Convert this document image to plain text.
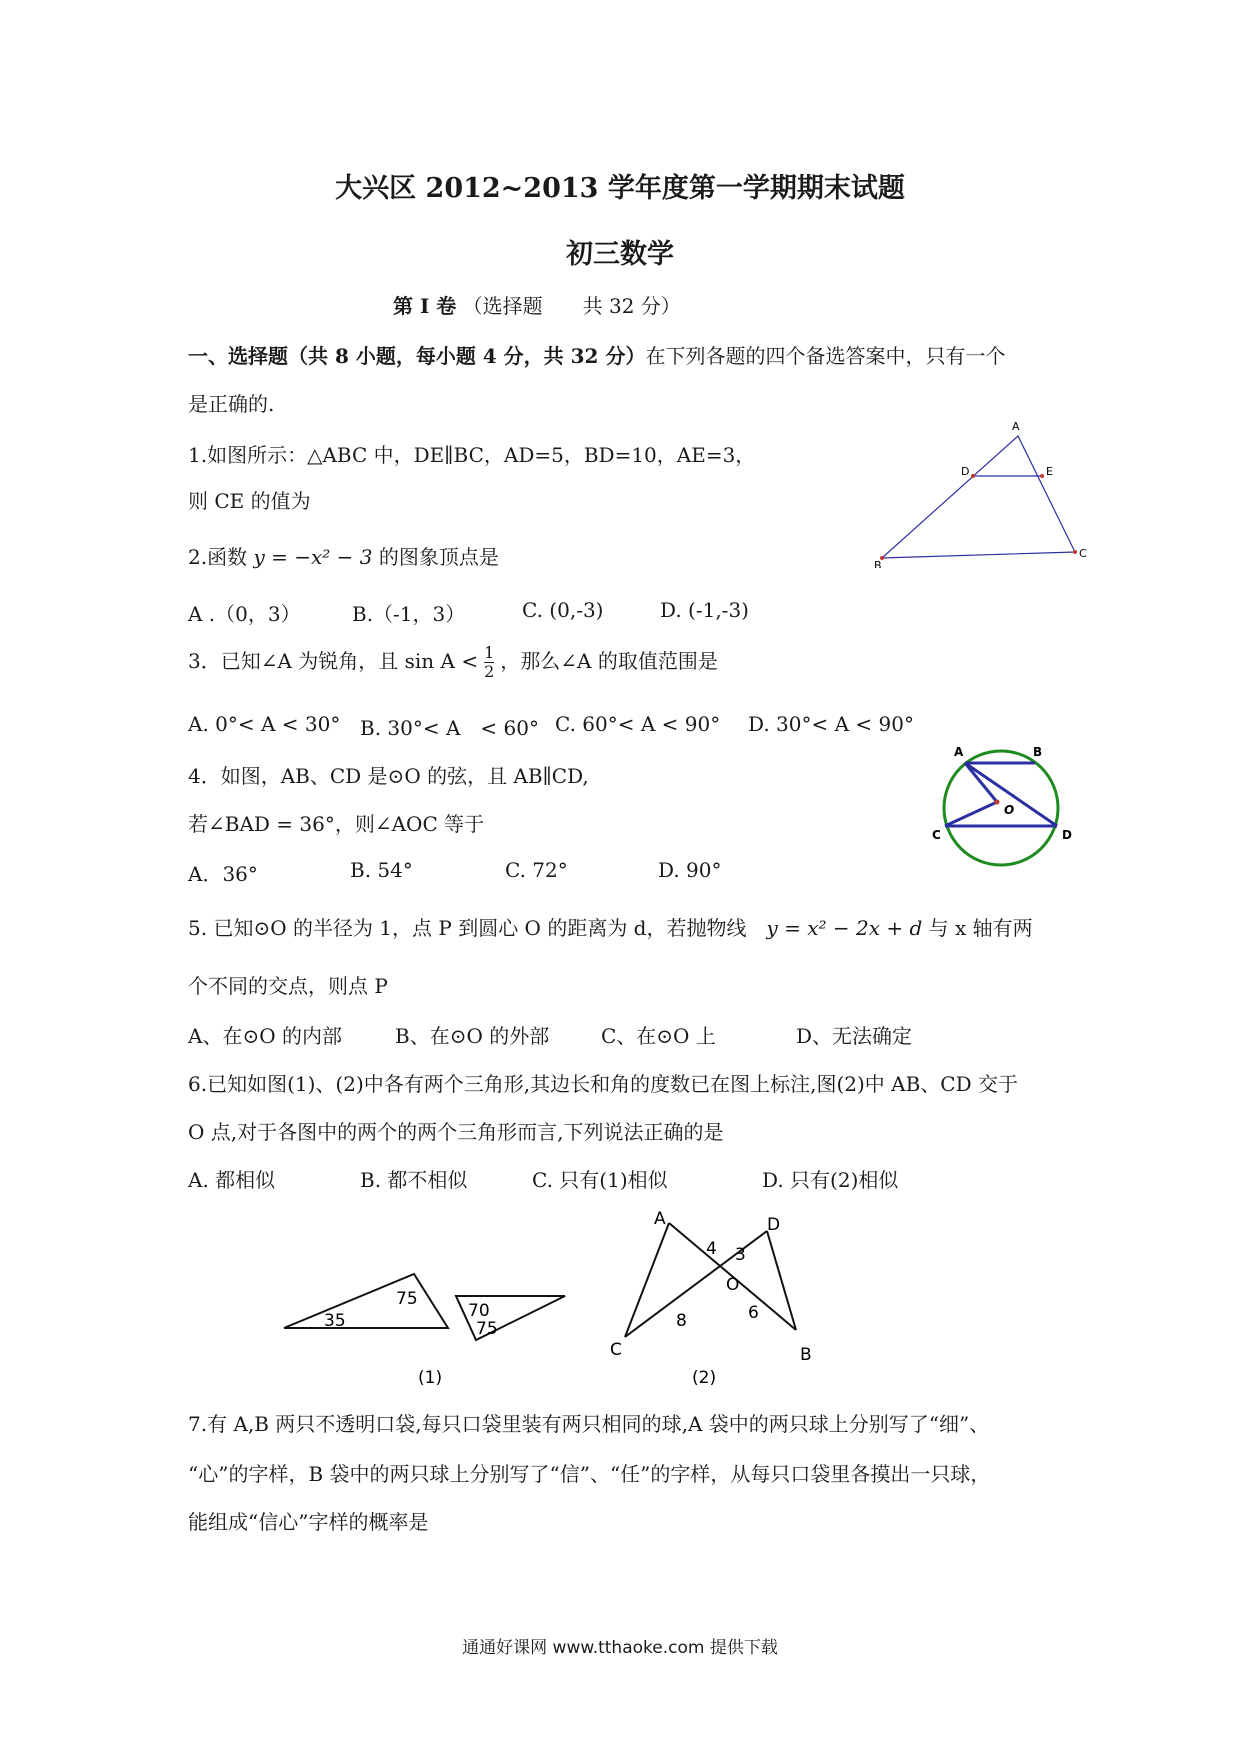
大兴区 2012~2013 学年度第一学期期末试题
初三数学
第 I 卷 （选择题　　共 32 分）
一、选择题（共 8 小题，每小题 4 分，共 32 分）在下列各题的四个备选答案中，只有一个
是正确的.
1.如图所示：△ABC 中，DE∥BC，AD=5，BD=10，AE=3，
则 CE 的值为
2.函数 y = −x² − 3 的图象顶点是
A .（0，3）	B.（-1，3）	C. (0,-3)	D. (-1,-3)
3．已知∠A 为锐角，且 $\sin A < \frac{1}{2}$ ，那么∠A 的取值范围是
A. 0°< A < 30° B. 30°< A　< 60° C. 60°< A < 90° D. 30°< A < 90°
4．如图，AB、CD 是⊙O 的弦，且 AB∥CD,
若∠BAD = 36°，则∠AOC 等于
A．36°	B. 54°	C. 72°	D. 90°
5. 已知⊙O 的半径为 1，点 P 到圆心 O 的距离为 d，若抛物线　 y = x² − 2x + d 与 x 轴有两
个不同的交点，则点 P
A、在⊙O 的内部	B、在⊙O 的外部	C、在⊙O 上	D、无法确定
6.已知如图(1)、(2)中各有两个三角形,其边长和角的度数已在图上标注,图(2)中 AB、CD 交于
O 点,对于各图中的两个的两个三角形而言,下列说法正确的是
A. 都相似	B. 都不相似	C. 只有(1)相似	D. 只有(2)相似
7.有 A,B 两只不透明口袋,每只口袋里装有两只相同的球,A 袋中的两只球上分别写了“细”、
“心”的字样，B 袋中的两只球上分别写了“信”、“任”的字样，从每只口袋里各摸出一只球，
能组成“信心”字样的概率是
通通好课网 www.tthaoke.com 提供下载
A
D	E
B
C
A	B
C	D
O
35
75
70
75
(1)
A	D
O
C	B
4 3
8	6
(2)
